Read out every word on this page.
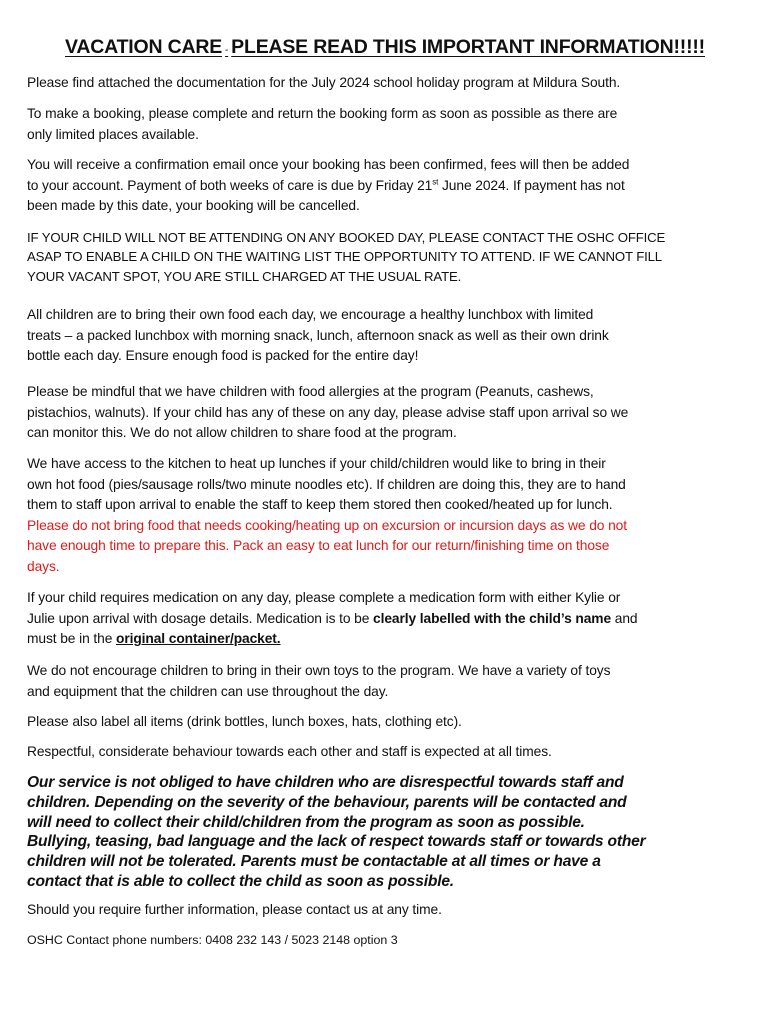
VACATION CARE - PLEASE READ THIS IMPORTANT INFORMATION!!!!!
Please find attached the documentation for the July 2024 school holiday program at Mildura South.
To make a booking, please complete and return the booking form as soon as possible as there are
only limited places available.
You will receive a confirmation email once your booking has been confirmed, fees will then be added
to your account. Payment of both weeks of care is due by Friday 21st June 2024. If payment has not
been made by this date, your booking will be cancelled.
IF YOUR CHILD WILL NOT BE ATTENDING ON ANY BOOKED DAY, PLEASE CONTACT THE OSHC OFFICE
ASAP TO ENABLE A CHILD ON THE WAITING LIST THE OPPORTUNITY TO ATTEND. IF WE CANNOT FILL
YOUR VACANT SPOT, YOU ARE STILL CHARGED AT THE USUAL RATE.
All children are to bring their own food each day, we encourage a healthy lunchbox with limited
treats – a packed lunchbox with morning snack, lunch, afternoon snack as well as their own drink
bottle each day. Ensure enough food is packed for the entire day!
Please be mindful that we have children with food allergies at the program (Peanuts, cashews,
pistachios, walnuts). If your child has any of these on any day, please advise staff upon arrival so we
can monitor this. We do not allow children to share food at the program.
We have access to the kitchen to heat up lunches if your child/children would like to bring in their
own hot food (pies/sausage rolls/two minute noodles etc). If children are doing this, they are to hand
them to staff upon arrival to enable the staff to keep them stored then cooked/heated up for lunch.
Please do not bring food that needs cooking/heating up on excursion or incursion days as we do not
have enough time to prepare this. Pack an easy to eat lunch for our return/finishing time on those
days.
If your child requires medication on any day, please complete a medication form with either Kylie or
Julie upon arrival with dosage details. Medication is to be clearly labelled with the child’s name and
must be in the original container/packet.
We do not encourage children to bring in their own toys to the program. We have a variety of toys
and equipment that the children can use throughout the day.
Please also label all items (drink bottles, lunch boxes, hats, clothing etc).
Respectful, considerate behaviour towards each other and staff is expected at all times.
Our service is not obliged to have children who are disrespectful towards staff and
children. Depending on the severity of the behaviour, parents will be contacted and
will need to collect their child/children from the program as soon as possible.
Bullying, teasing, bad language and the lack of respect towards staff or towards other
children will not be tolerated. Parents must be contactable at all times or have a
contact that is able to collect the child as soon as possible.
Should you require further information, please contact us at any time.
OSHC Contact phone numbers: 0408 232 143 / 5023 2148 option 3
